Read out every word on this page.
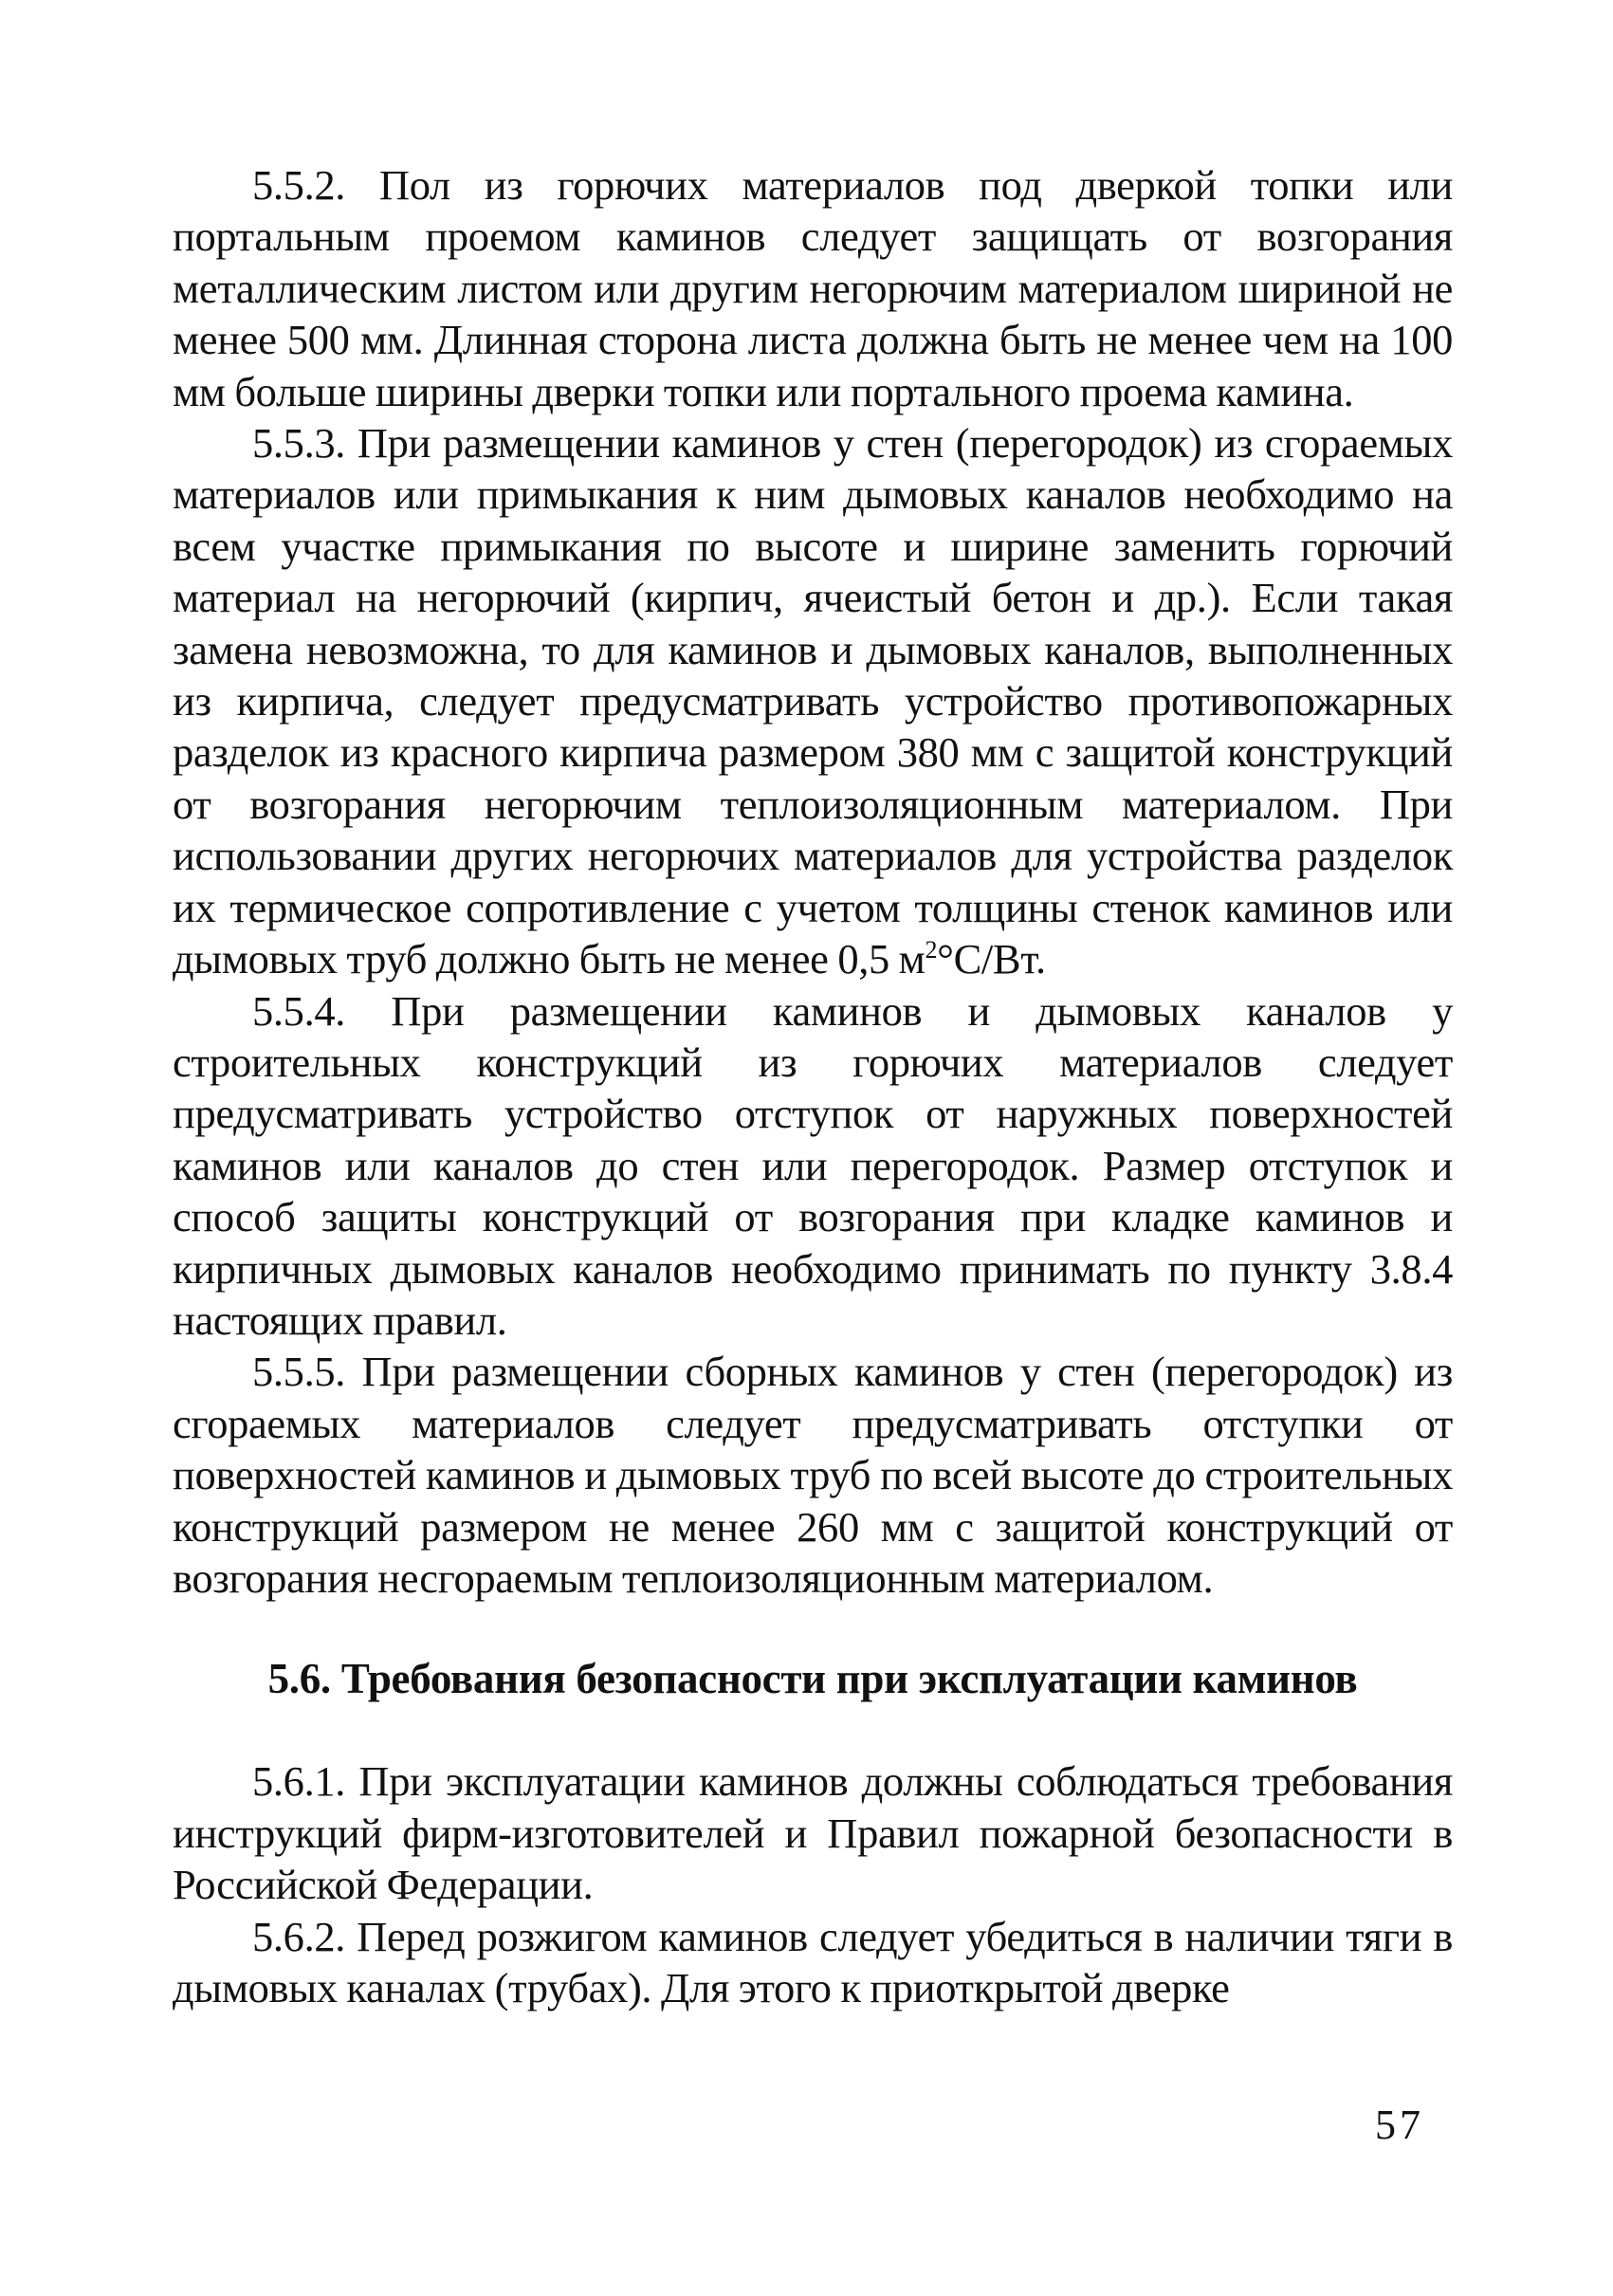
5.5.2. Пол из горючих материалов под дверкой топки или портальным проемом каминов следует защищать от возгорания металлическим листом или другим негорючим материалом шириной не менее 500 мм. Длинная сторона листа должна быть не менее чем на 100 мм больше ширины дверки топки или портального проема камина.

5.5.3. При размещении каминов у стен (перегородок) из сгораемых материалов или примыкания к ним дымовых каналов необходимо на всем участке примыкания по высоте и ширине заменить горючий материал на негорючий (кирпич, ячеистый бетон и др.). Если такая замена невозможна, то для каминов и дымовых каналов, выполненных из кирпича, следует предусматривать устройство противопожарных разделок из красного кирпича размером 380 мм с защитой конструкций от возгорания негорючим теплоизоляционным материалом. При использовании других негорючих материалов для устройства разделок их термическое сопротивление с учетом толщины стенок каминов или дымовых труб должно быть не менее 0,5 $м^2^\circ С/Вт$.

5.5.4. При размещении каминов и дымовых каналов у строительных конструкций из горючих материалов следует предусматривать устройство отступок от наружных поверхностей каминов или каналов до стен или перегородок. Размер отступок и способ защиты конструкций от возгорания при кладке каминов и кирпичных дымовых каналов необходимо принимать по пункту 3.8.4 настоящих правил.

5.5.5. При размещении сборных каминов у стен (перегородок) из сгораемых материалов следует предусматривать отступки от поверхностей каминов и дымовых труб по всей высоте до строительных конструкций размером не менее 260 мм с защитой конструкций от возгорания несгораемым теплоизоляционным материалом.

5.6. Требования безопасности при эксплуатации каминов

5.6.1. При эксплуатации каминов должны соблюдаться требования инструкций фирм-изготовителей и Правил пожарной безопасности в Российской Федерации.

5.6.2. Перед розжигом каминов следует убедиться в наличии тяги в дымовых каналах (трубах). Для этого к приоткрытой дверке

57
